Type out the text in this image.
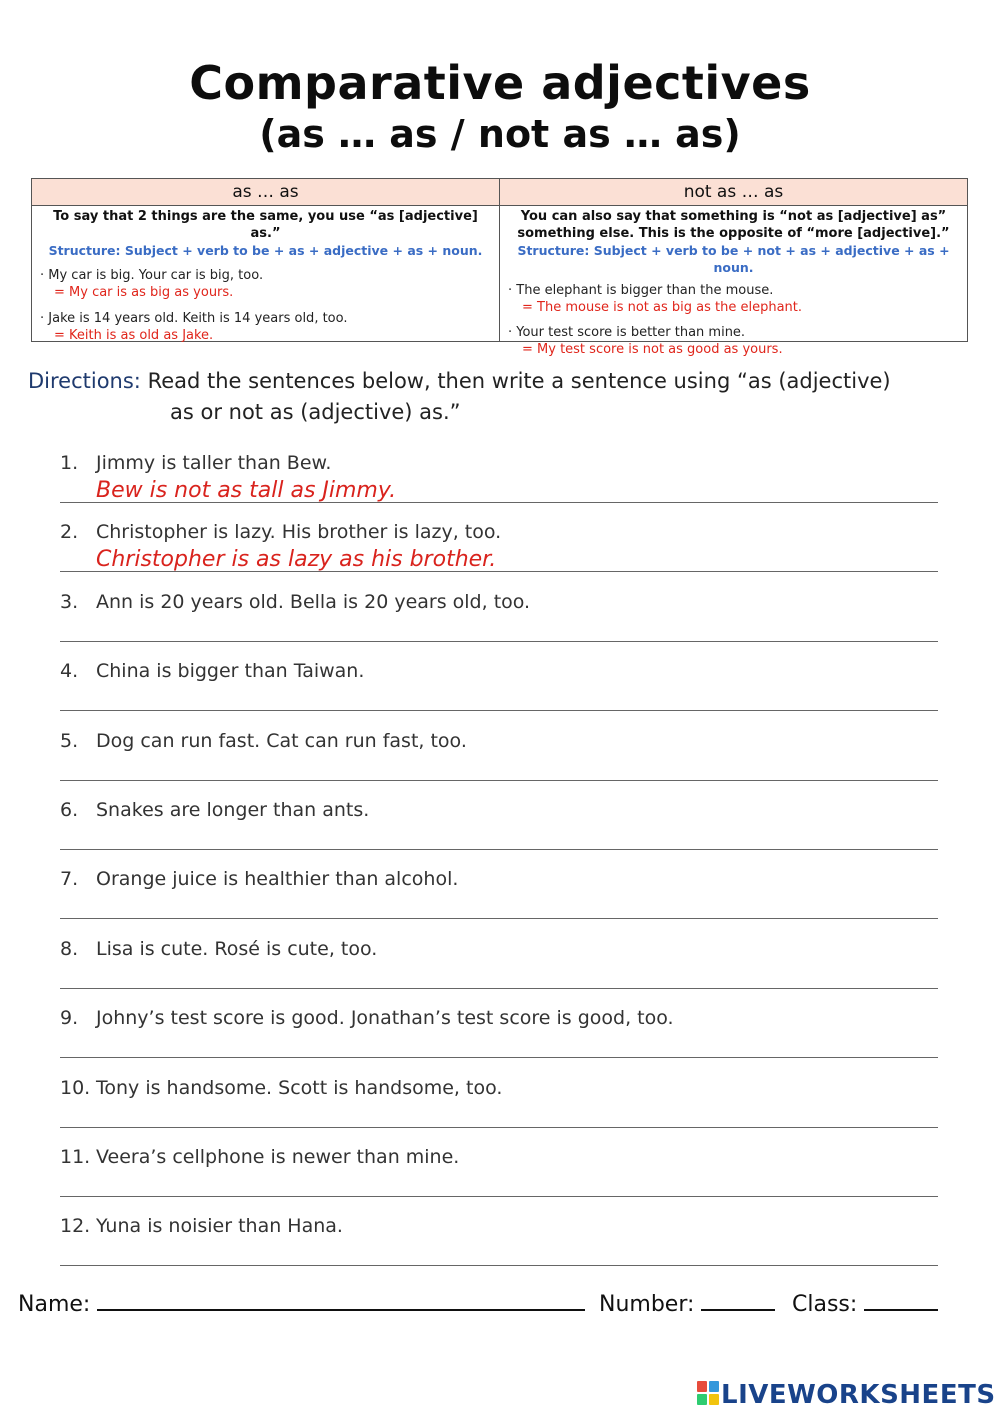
Comparative adjectives
(as … as / not as … as)
as … as
To say that 2 things are the same, you use “as [adjective] as.”
Structure: Subject + verb to be + as + adjective + as + noun.
· My car is big. Your car is big, too.
= My car is as big as yours.
· Jake is 14 years old. Keith is 14 years old, too.
= Keith is as old as Jake.
not as … as
You can also say that something is “not as [adjective] as”
something else. This is the opposite of “more [adjective].”
Structure: Subject + verb to be + not + as + adjective + as + noun.
· The elephant is bigger than the mouse.
= The mouse is not as big as the elephant.
· Your test score is better than mine.
= My test score is not as good as yours.
Directions: Read the sentences below, then write a sentence using “as (adjective)
as or not as (adjective) as.”
1. Jimmy is taller than Bew.
Bew is not as tall as Jimmy.
2. Christopher is lazy. His brother is lazy, too.
Christopher is as lazy as his brother.
3. Ann is 20 years old. Bella is 20 years old, too.
4. China is bigger than Taiwan.
5. Dog can run fast. Cat can run fast, too.
6. Snakes are longer than ants.
7. Orange juice is healthier than alcohol.
8. Lisa is cute. Rosé is cute, too.
9. Johny’s test score is good. Jonathan’s test score is good, too.
10. Tony is handsome. Scott is handsome, too.
11. Veera’s cellphone is newer than mine.
12. Yuna is noisier than Hana.
Name:	Number:	Class:
LIVEWORKSHEETS
